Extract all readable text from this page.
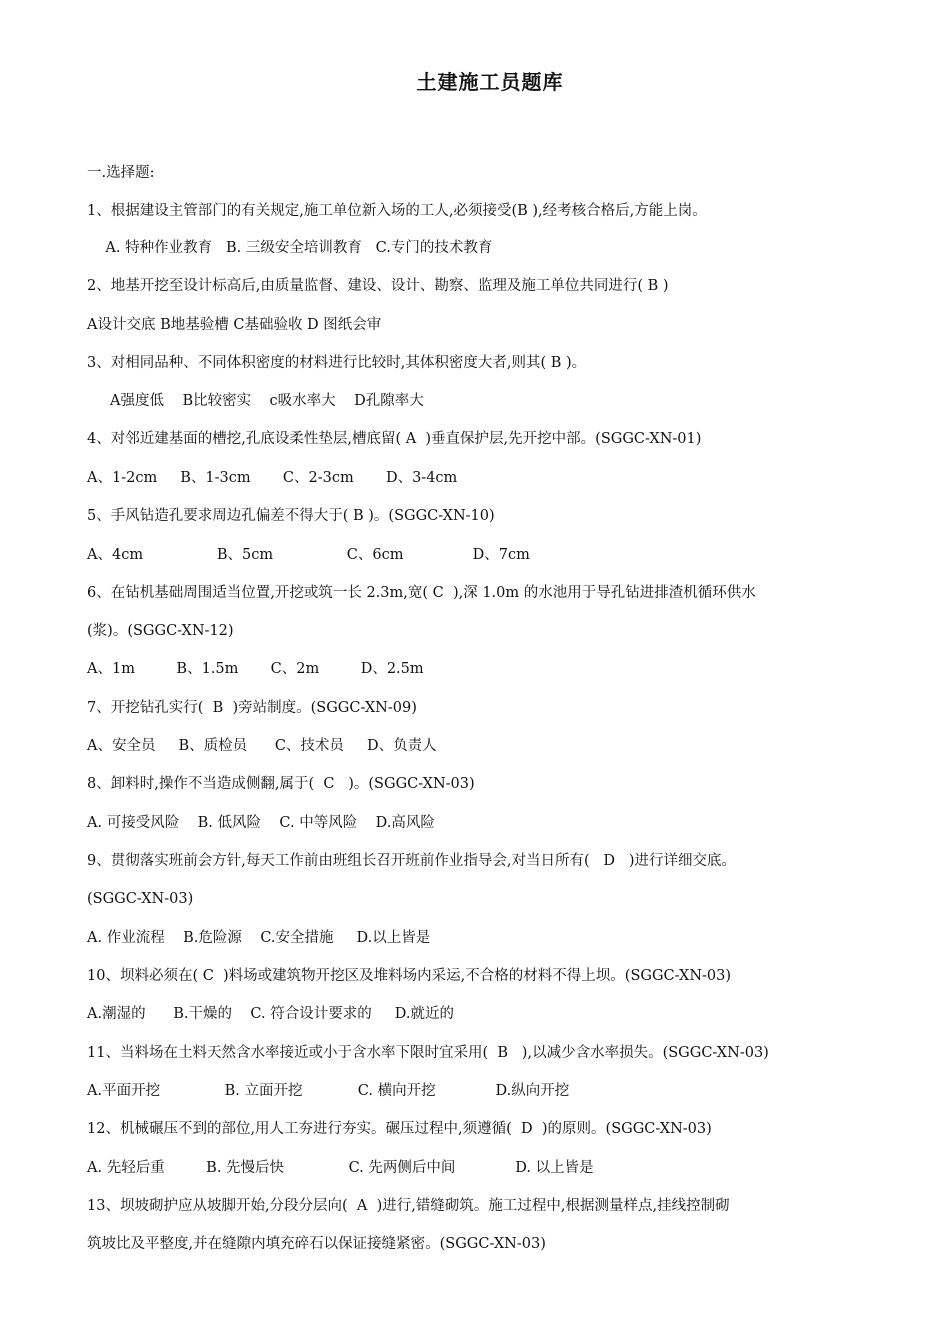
土建施工员题库
一.选择题:
1、根据建设主管部门的有关规定,施工单位新入场的工人,必须接受(B ),经考核合格后,方能上岗。
A. 特种作业教育   B. 三级安全培训教育   C.专门的技术教育
2、地基开挖至设计标高后,由质量监督、建设、设计、勘察、监理及施工单位共同进行( B )
A设计交底 B地基验槽 C基础验收 D 图纸会审
3、对相同品种、不同体积密度的材料进行比较时,其体积密度大者,则其( B )。
A强度低    B比较密实    c吸水率大    D孔隙率大
4、对邻近建基面的槽挖,孔底设柔性垫层,槽底留( A  )垂直保护层,先开挖中部。(SGGC-XN-01)
A、1-2cm     B、1-3cm       C、2-3cm       D、3-4cm
5、手风钻造孔要求周边孔偏差不得大于( B )。(SGGC-XN-10)
A、4cm                B、5cm                C、6cm               D、7cm
6、在钻机基础周围适当位置,开挖或筑一长 2.3m,宽( C  ),深 1.0m 的水池用于导孔钻进排渣机循环供水
(浆)。(SGGC-XN-12)
A、1m         B、1.5m       C、2m         D、2.5m
7、开挖钻孔实行(  B  )旁站制度。(SGGC-XN-09)
A、安全员     B、质检员      C、技术员     D、负责人
8、卸料时,操作不当造成侧翻,属于(  C   )。(SGGC-XN-03)
A. 可接受风险    B. 低风险    C. 中等风险    D.高风险
9、贯彻落实班前会方针,每天工作前由班组长召开班前作业指导会,对当日所有(   D   )进行详细交底。
(SGGC-XN-03)
A. 作业流程    B.危险源    C.安全措施     D.以上皆是
10、坝料必须在( C  )料场或建筑物开挖区及堆料场内采运,不合格的材料不得上坝。(SGGC-XN-03)
A.潮湿的      B.干燥的    C. 符合设计要求的     D.就近的
11、当料场在土料天然含水率接近或小于含水率下限时宜采用(  B   ),以减少含水率损失。(SGGC-XN-03)
A.平面开挖              B. 立面开挖            C. 横向开挖             D.纵向开挖
12、机械碾压不到的部位,用人工夯进行夯实。碾压过程中,须遵循(  D  )的原则。(SGGC-XN-03)
A. 先轻后重         B. 先慢后快              C. 先两侧后中间             D. 以上皆是
13、坝坡砌护应从坡脚开始,分段分层向(  A  )进行,错缝砌筑。施工过程中,根据测量样点,挂线控制砌
筑坡比及平整度,并在缝隙内填充碎石以保证接缝紧密。(SGGC-XN-03)
